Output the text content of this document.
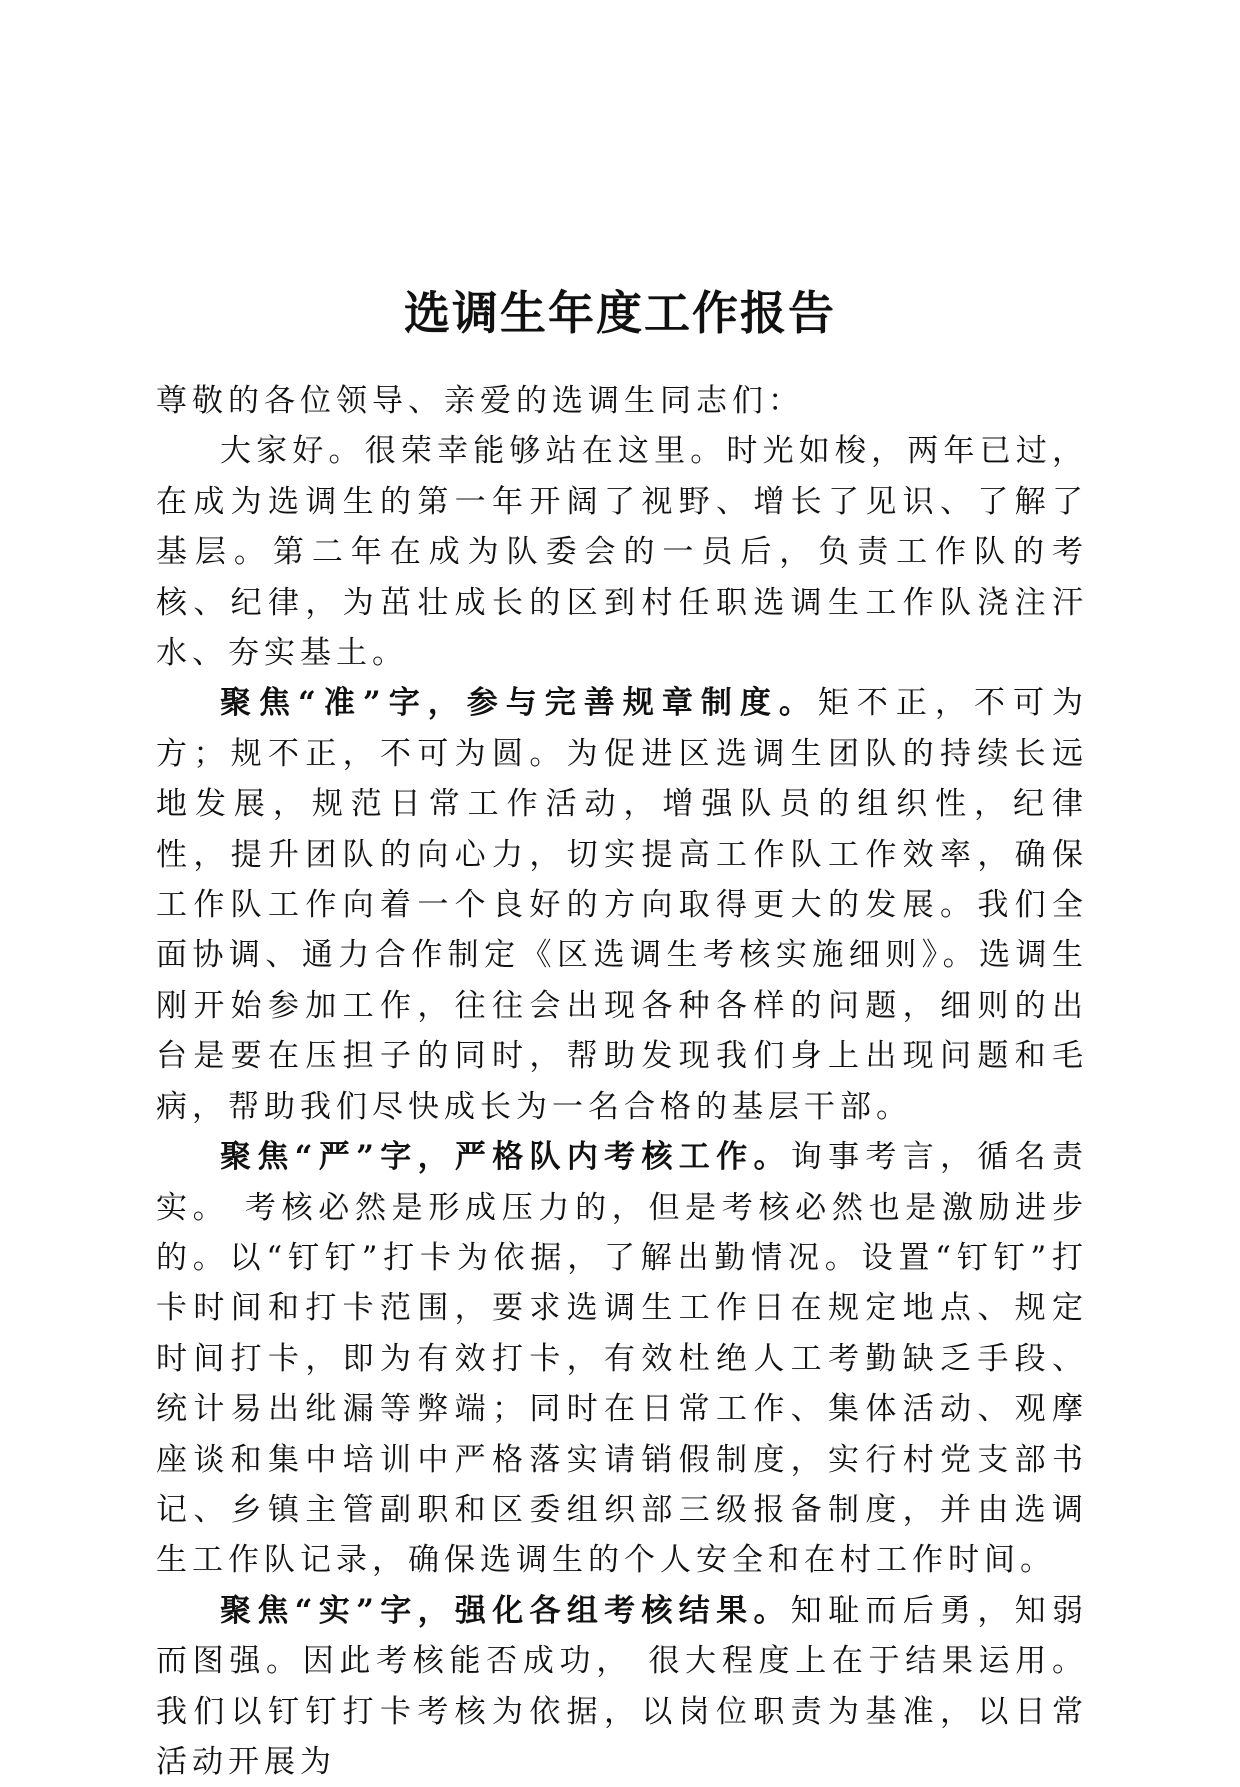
选调生年度工作报告

尊敬的各位领导、亲爱的选调生同志们：

大家好。很荣幸能够站在这里。时光如梭，两年已过，在成为选调生的第一年开阔了视野、增长了见识、了解了基层。第二年在成为队委会的一员后，负责工作队的考核、纪律，为茁壮成长的区到村任职选调生工作队浇注汗水、夯实基土。

聚焦“准”字，参与完善规章制度。矩不正，不可为方；规不正，不可为圆。为促进区选调生团队的持续长远地发展，规范日常工作活动，增强队员的组织性，纪律性，提升团队的向心力，切实提高工作队工作效率，确保工作队工作向着一个良好的方向取得更大的发展。我们全面协调、通力合作制定《区选调生考核实施细则》。选调生刚开始参加工作，往往会出现各种各样的问题，细则的出台是要在压担子的同时，帮助发现我们身上出现问题和毛病，帮助我们尽快成长为一名合格的基层干部。

聚焦“严”字，严格队内考核工作。询事考言，循名责实。 考核必然是形成压力的，但是考核必然也是激励进步的。以“钉钉”打卡为依据，了解出勤情况。设置“钉钉”打卡时间和打卡范围，要求选调生工作日在规定地点、规定时间打卡，即为有效打卡，有效杜绝人工考勤缺乏手段、统计易出纰漏等弊端；同时在日常工作、集体活动、观摩座谈和集中培训中严格落实请销假制度，实行村党支部书记、乡镇主管副职和区委组织部三级报备制度，并由选调生工作队记录，确保选调生的个人安全和在村工作时间。

聚焦“实”字，强化各组考核结果。知耻而后勇，知弱而图强。因此考核能否成功， 很大程度上在于结果运用。我们以钉钉打卡考核为依据，以岗位职责为基准，以日常活动开展为
